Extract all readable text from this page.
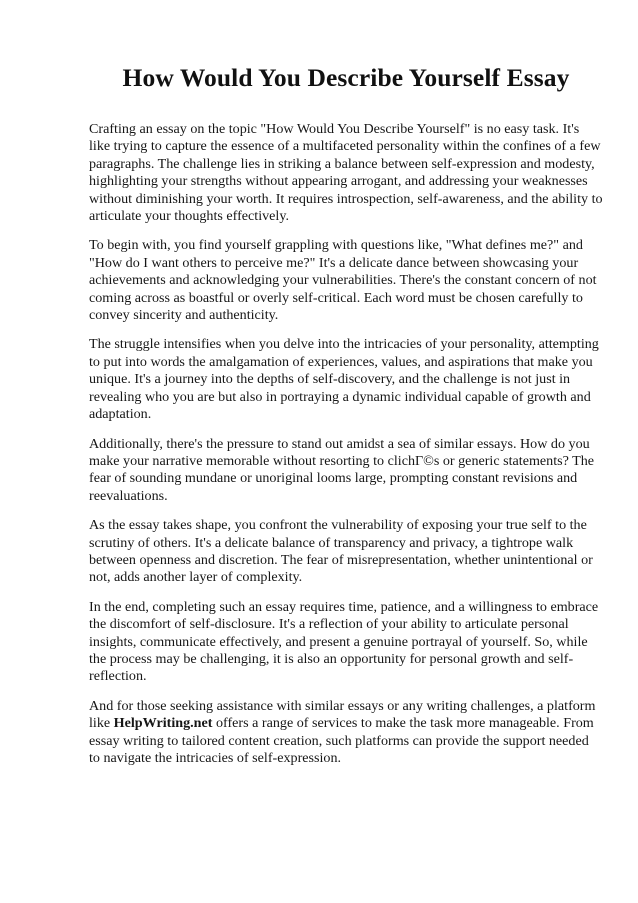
How Would You Describe Yourself Essay

Crafting an essay on the topic "How Would You Describe Yourself" is no easy task. It's like trying to capture the essence of a multifaceted personality within the confines of a few paragraphs. The challenge lies in striking a balance between self-expression and modesty, highlighting your strengths without appearing arrogant, and addressing your weaknesses without diminishing your worth. It requires introspection, self-awareness, and the ability to articulate your thoughts effectively.

To begin with, you find yourself grappling with questions like, "What defines me?" and "How do I want others to perceive me?" It's a delicate dance between showcasing your achievements and acknowledging your vulnerabilities. There's the constant concern of not coming across as boastful or overly self-critical. Each word must be chosen carefully to convey sincerity and authenticity.

The struggle intensifies when you delve into the intricacies of your personality, attempting to put into words the amalgamation of experiences, values, and aspirations that make you unique. It's a journey into the depths of self-discovery, and the challenge is not just in revealing who you are but also in portraying a dynamic individual capable of growth and adaptation.

Additionally, there's the pressure to stand out amidst a sea of similar essays. How do you make your narrative memorable without resorting to clichГ©s or generic statements? The fear of sounding mundane or unoriginal looms large, prompting constant revisions and reevaluations.

As the essay takes shape, you confront the vulnerability of exposing your true self to the scrutiny of others. It's a delicate balance of transparency and privacy, a tightrope walk between openness and discretion. The fear of misrepresentation, whether unintentional or not, adds another layer of complexity.

In the end, completing such an essay requires time, patience, and a willingness to embrace the discomfort of self-disclosure. It's a reflection of your ability to articulate personal insights, communicate effectively, and present a genuine portrayal of yourself. So, while the process may be challenging, it is also an opportunity for personal growth and self-reflection.

And for those seeking assistance with similar essays or any writing challenges, a platform like HelpWriting.net offers a range of services to make the task more manageable. From essay writing to tailored content creation, such platforms can provide the support needed to navigate the intricacies of self-expression.
